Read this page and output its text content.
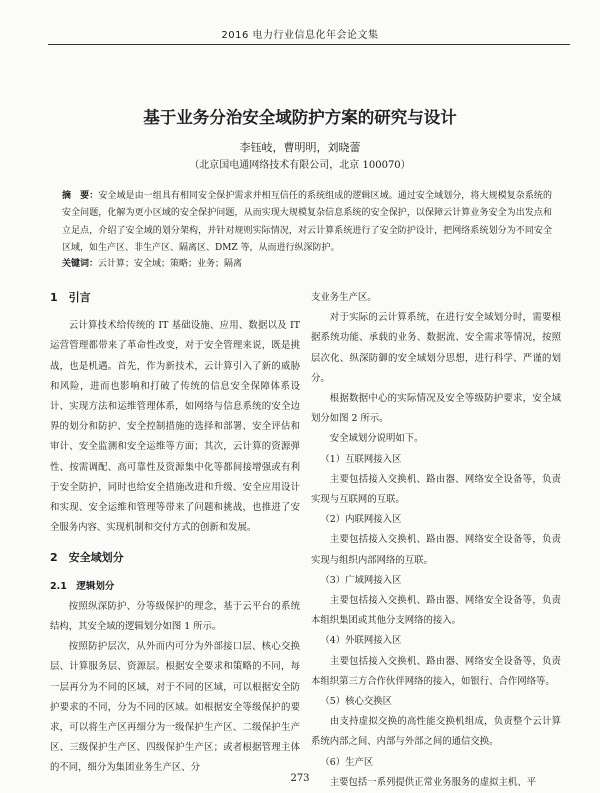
2016 电力行业信息化年会论文集
基于业务分治安全域防护方案的研究与设计
李钰岐，曹明明，刘晓蕾
（北京国电通网络技术有限公司，北京 100070）
摘　要：安全域是由一组具有相同安全保护需求并相互信任的系统组成的逻辑区域。通过安全域划分，将大规模复杂系统的安全问题，化解为更小区域的安全保护问题，从而实现大规模复杂信息系统的安全保护，以保障云计算业务安全为出发点和立足点，介绍了安全域的划分架构，并针对规则实际情况，对云计算系统进行了安全防护设计，把网络系统划分为不同安全区域，如生产区、非生产区、隔离区、DMZ 等，从而进行纵深防护。
关键词：云计算；安全域；策略；业务；隔离
1　引言

云计算技术给传统的 IT 基础设施、应用、数据以及 IT 运营管理都带来了革命性改变，对于安全管理来说，既是挑战，也是机遇。首先，作为新技术，云计算引入了新的威胁和风险，进而也影响和打破了传统的信息安全保障体系设计、实现方法和运维管理体系，如网络与信息系统的安全边界的划分和防护、安全控制措施的选择和部署、安全评估和审计、安全监测和安全运维等方面；其次，云计算的资源弹性、按需调配、高可靠性及资源集中化等都间接增强或有利于安全防护，同时也给安全措施改进和升级、安全应用设计和实现、安全运维和管理等带来了问题和挑战，也推进了安全服务内容、实现机制和交付方式的创新和发展。

2　安全域划分
2.1　逻辑划分

按照纵深防护、分等级保护的理念，基于云平台的系统结构，其安全域的逻辑划分如图 1 所示。

按照防护层次，从外而内可分为外部接口层、核心交换层、计算服务层、资源层。根据安全要求和策略的不同，每一层再分为不同的区域，对于不同的区域，可以根据安全防护要求的不同，分为不同的区域。如根据安全等级保护的要求，可以将生产区再细分为一级保护生产区、二级保护生产区、三级保护生产区、四级保护生产区；或者根据管理主体的不同，细分为集团业务生产区、分

支业务生产区。

对于实际的云计算系统，在进行安全域划分时，需要根据系统功能、承载的业务、数据流、安全需求等情况，按照层次化、纵深防御的安全域划分思想，进行科学、严谨的划分。

根据数据中心的实际情况及安全等级防护要求，安全域划分如图 2 所示。

安全域划分说明如下。

（1）互联网接入区

主要包括接入交换机、路由器、网络安全设备等，负责实现与互联网的互联。

（2）内联网接入区

主要包括接入交换机、路由器、网络安全设备等，负责实现与组织内部网络的互联。

（3）广域网接入区

主要包括接入交换机、路由器、网络安全设备等，负责本组织集团或其他分支网络的接入。

（4）外联网接入区

主要包括接入交换机、路由器、网络安全设备等，负责本组织第三方合作伙伴网络的接入，如银行、合作网络等。

（5）核心交换区

由支持虚拟交换的高性能交换机组成，负责整个云计算系统内部之间、内部与外部之间的通信交换。

（6）生产区

主要包括一系列提供正常业务服务的虚拟主机、平

273
